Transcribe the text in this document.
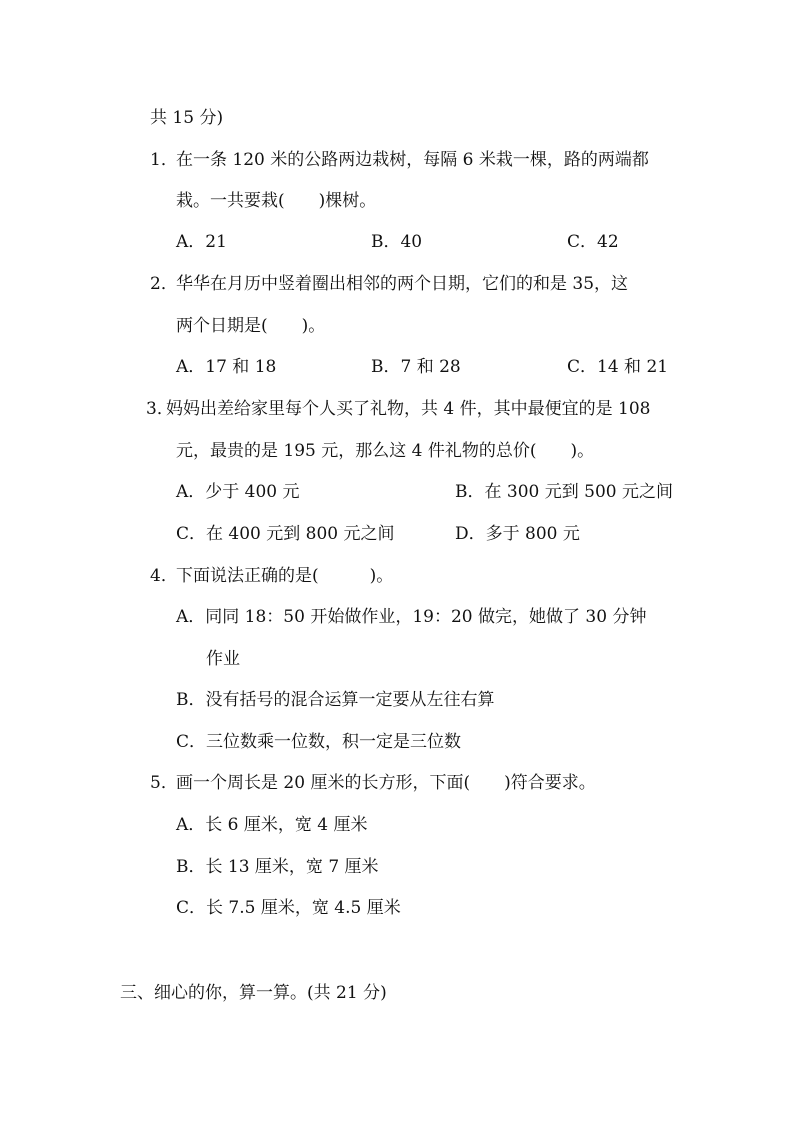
共 15 分)
1．
在一条 120 米的公路两边栽树，每隔 6 米栽一棵，路的两端都
栽。一共要栽(　　)棵树。
A．21	B．40	C．42
2．
华华在月历中竖着圈出相邻的两个日期，它们的和是 35，这
两个日期是(　　)。
A．17 和 18	B．7 和 28	C．14 和 21
3．
妈妈出差给家里每个人买了礼物，共 4 件，其中最便宜的是 108
元，最贵的是 195 元，那么这 4 件礼物的总价(　　)。
A．少于 400 元	B．在 300 元到 500 元之间
C．在 400 元到 800 元之间	D．多于 800 元
4．
下面说法正确的是(　　　)。
A．同同 18：50 开始做作业，19：20 做完，她做了 30 分钟
作业
B．没有括号的混合运算一定要从左往右算
C．三位数乘一位数，积一定是三位数
5．
画一个周长是 20 厘米的长方形，下面(　　)符合要求。
A．长 6 厘米，宽 4 厘米
B．长 13 厘米，宽 7 厘米
C．长 7.5 厘米，宽 4.5 厘米
三、细心的你，算一算。(共 21 分)
